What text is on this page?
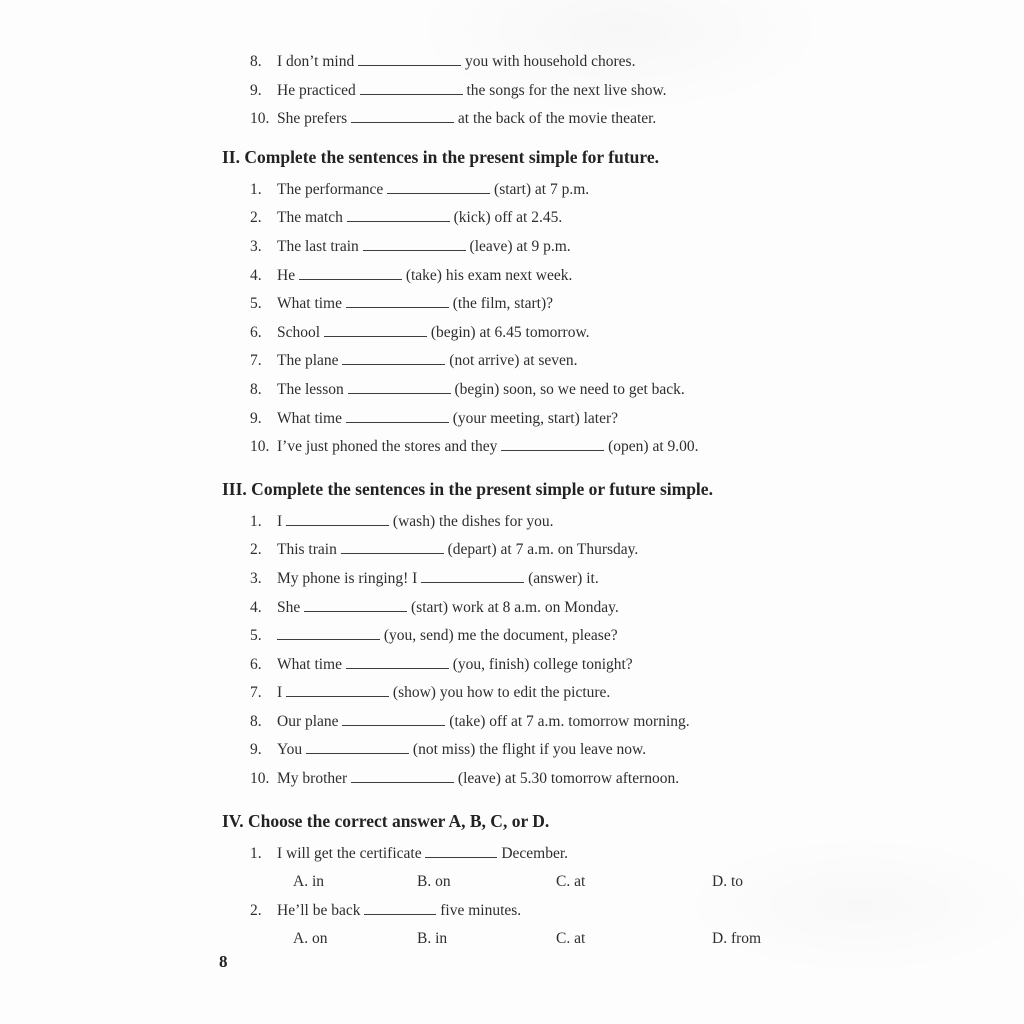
8. I don’t mind	you with household chores.
9. He practiced	the songs for the next live show.
10. She prefers	at the back of the movie theater.
II. Complete the sentences in the present simple for future.
1. The performance	(start) at 7 p.m.
2. The match	(kick) off at 2.45.
3. The last train	(leave) at 9 p.m.
4. He	(take) his exam next week.
5. What time	(the film, start)?
6. School	(begin) at 6.45 tomorrow.
7. The plane	(not arrive) at seven.
8. The lesson	(begin) soon, so we need to get back.
9. What time	(your meeting, start) later?
10. I’ve just phoned the stores and they	(open) at 9.00.
III. Complete the sentences in the present simple or future simple.
1. I	(wash) the dishes for you.
2. This train	(depart) at 7 a.m. on Thursday.
3. My phone is ringing! I	(answer) it.
4. She	(start) work at 8 a.m. on Monday.
5.	(you, send) me the document, please?
6. What time	(you, finish) college tonight?
7. I	(show) you how to edit the picture.
8. Our plane	(take) off at 7 a.m. tomorrow morning.
9. You	(not miss) the flight if you leave now.
10. My brother	(leave) at 5.30 tomorrow afternoon.
IV. Choose the correct answer A, B, C, or D.
1. I will get the certificate	December.
A. in	B. on	C. at	D. to
2. He’ll be back	five minutes.
A. on	B. in	C. at	D. from
8
